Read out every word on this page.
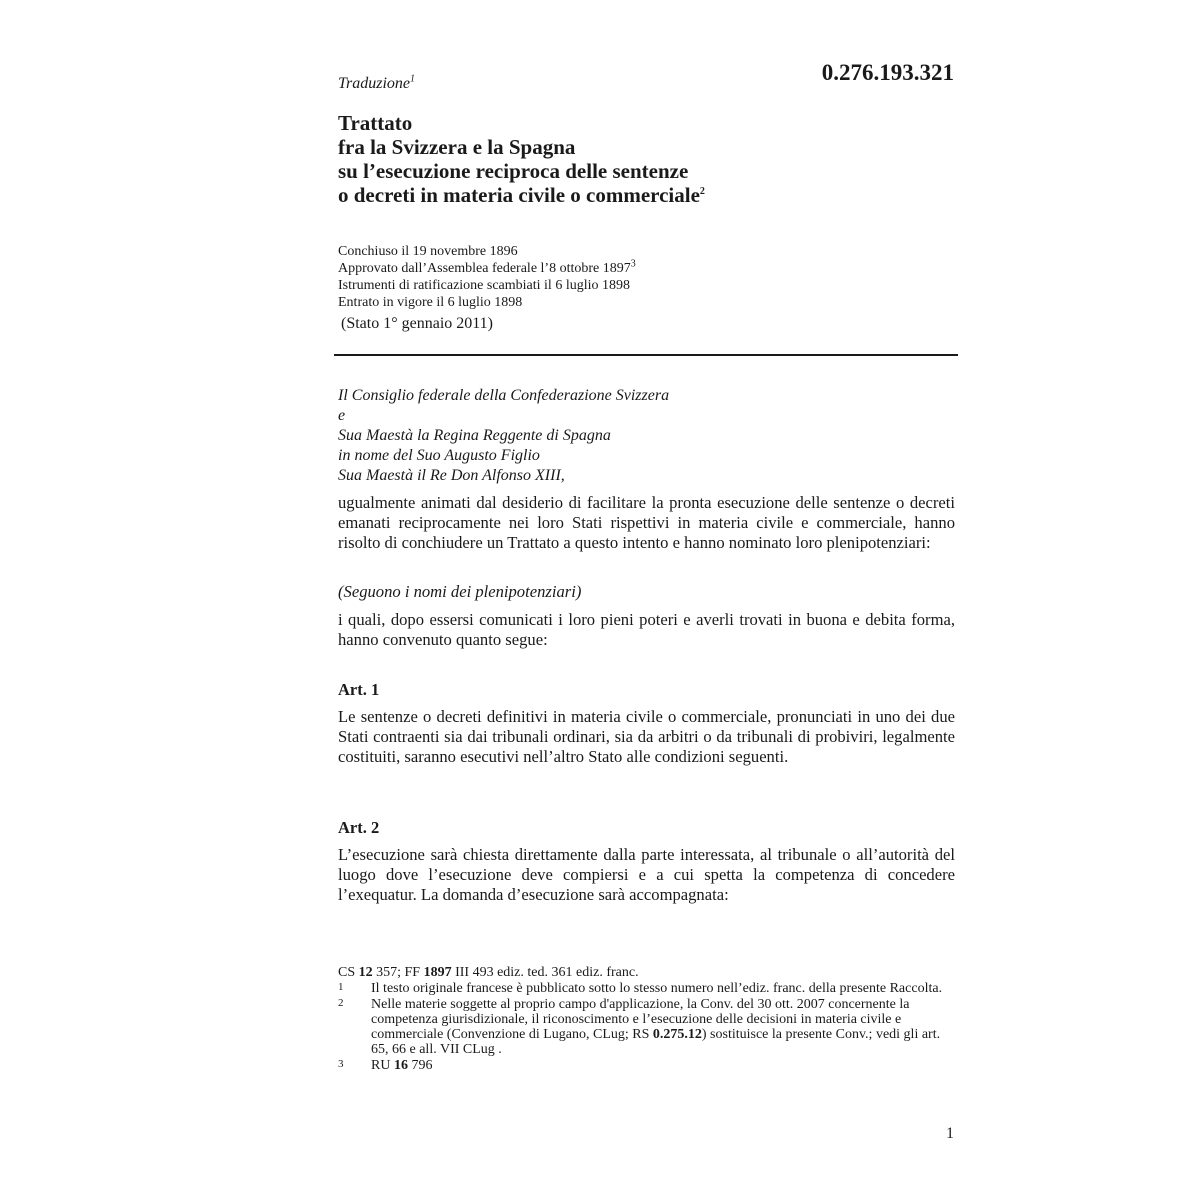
Traduzione$^1$	0.276.193.321
Trattato
fra la Svizzera e la Spagna
su l’esecuzione reciproca delle sentenze
o decreti in materia civile o commerciale$^2$
Conchiuso il 19 novembre 1896
Approvato dall’Assemblea federale l’8 ottobre 1897$^3$
Istrumenti di ratificazione scambiati il 6 luglio 1898
Entrato in vigore il 6 luglio 1898
(Stato 1° gennaio 2011)
Il Consiglio federale della Confederazione Svizzera
e
Sua Maestà la Regina Reggente di Spagna
in nome del Suo Augusto Figlio
Sua Maestà il Re Don Alfonso XIII,

ugualmente animati dal desiderio di facilitare la pronta esecuzione delle sentenze o decreti emanati reciprocamente nei loro Stati rispettivi in materia civile e commerciale, hanno risolto di conchiudere un Trattato a questo intento e hanno nominato loro plenipotenziari:

(Seguono i nomi dei plenipotenziari)

i quali, dopo essersi comunicati i loro pieni poteri e averli trovati in buona e debita forma, hanno convenuto quanto segue:

Art. 1

Le sentenze o decreti definitivi in materia civile o commerciale, pronunciati in uno dei due Stati contraenti sia dai tribunali ordinari, sia da arbitri o da tribunali di probiviri, legalmente costituiti, saranno esecutivi nell’altro Stato alle condizioni seguenti.

Art. 2

L’esecuzione sarà chiesta direttamente dalla parte interessata, al tribunale o all’autorità del luogo dove l’esecuzione deve compiersi e a cui spetta la competenza di concedere l’exequatur. La domanda d’esecuzione sarà accompagnata:

CS 12 357; FF 1897 III 493 ediz. ted. 361 ediz. franc.
1	Il testo originale francese è pubblicato sotto lo stesso numero nell’ediz. franc. della presente Raccolta.
2	Nelle materie soggette al proprio campo d'applicazione, la Conv. del 30 ott. 2007 concernente la competenza giurisdizionale, il riconoscimento e l’esecuzione delle decisioni in materia civile e commerciale (Convenzione di Lugano, CLug; RS 0.275.12) sostituisce la presente Conv.; vedi gli art. 65, 66 e all. VII CLug .
3	RU 16 796
1
